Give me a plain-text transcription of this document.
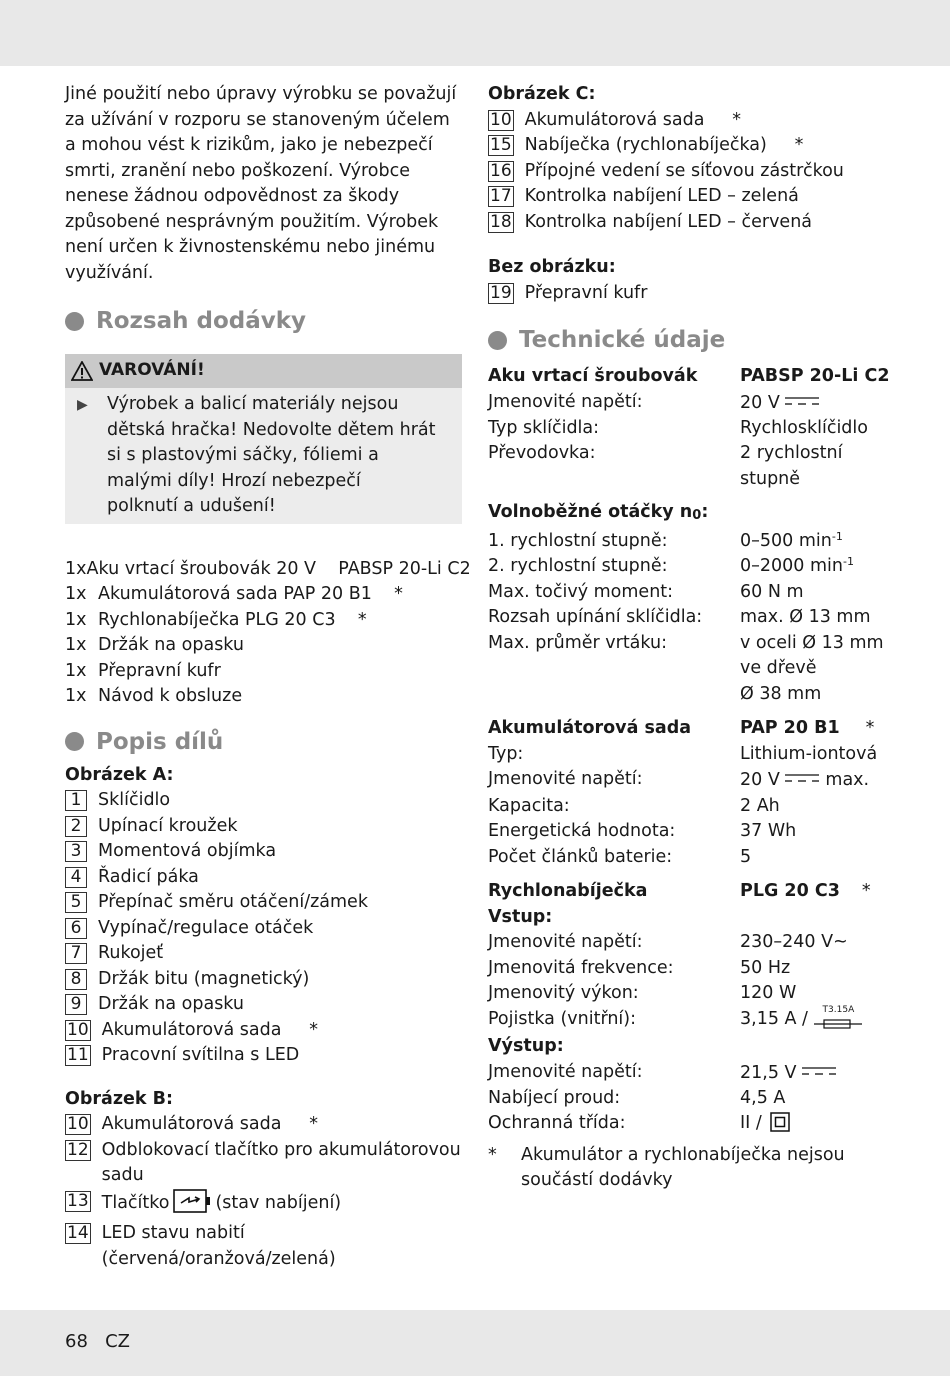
Jiné použití nebo úpravy výrobku se považují za užívání v rozporu se stanoveným účelem a mohou vést k rizikům, jako je nebezpečí smrti, zranění nebo poškození. Výrobce nenese žádnou odpovědnost za škody způsobené nesprávným použitím. Výrobek není určen k živnostenskému nebo jinému využívání.

Rozsah dodávky
VAROVÁNÍ!
▶	Výrobek a balicí materiály nejsou dětská hračka! Nedovolte dětem hrát si s plastovými sáčky, fóliemi a malými díly! Hrozí nebezpečí polknutí a udušení!
1x Aku vrtací šroubovák 20 V    PABSP 20-Li C2
1x Akumulátorová sada PAP 20 B1    *
1x Rychlonabíječka PLG 20 C3    *
1x Držák na opasku
1x Přepravní kufr
1x Návod k obsluze
Popis dílů
Obrázek A:
1 Sklíčidlo
2 Upínací kroužek
3 Momentová objímka
4 Řadicí páka
5 Přepínač směru otáčení/zámek
6 Vypínač/regulace otáček
7 Rukojeť
8 Držák bitu (magnetický)
9 Držák na opasku
10 Akumulátorová sada     *
11 Pracovní svítilna s LED
Obrázek B:
10 Akumulátorová sada     *
12 Odblokovací tlačítko pro akumulátorovou sadu
13 Tlačítko	(stav nabíjení)
14 LED stavu nabití (červená/oranžová/zelená)
Obrázek C:
10 Akumulátorová sada     *
15 Nabíječka (rychlonabíječka)     *
16 Přípojné vedení se síťovou zástrčkou
17 Kontrolka nabíjení LED – zelená
18 Kontrolka nabíjení LED – červená
Bez obrázku:
19 Přepravní kufr
Technické údaje
Aku vrtací šroubovák	PABSP 20-Li C2
Jmenovité napětí:	20 V
Typ sklíčidla:	Rychlosklíčidlo
Převodovka:	2 rychlostní stupně
Volnoběžné otáčky n0:
1. rychlostní stupně:	0–500 $\min^{-1}$
2. rychlostní stupně:	0–2000 $\min^{-1}$
Max. točivý moment:	60 N m
Rozsah upínání sklíčidla:	max. Ø 13 mm
Max. průměr vrtáku:	v oceli Ø 13 mm
ve dřevě
Ø 38 mm
Akumulátorová sada	PAP 20 B1 *
Typ:	Lithium-iontová
Jmenovité napětí:	20 V	max.
Kapacita:	2 Ah
Energetická hodnota:	37 Wh
Počet článků baterie:	5
Rychlonabíječka	PLG 20 C3 *
Vstup:
Jmenovité napětí:	230–240 V~
Jmenovitá frekvence:	50 Hz
Jmenovitý výkon:	120 W
Pojistka (vnitřní):	3,15 A / T3.15A
Výstup:
Jmenovité napětí:	21,5 V
Nabíjecí proud:	4,5 A
Ochranná třída:	II /
*	Akumulátor a rychlonabíječka nejsou součástí dodávky
68 CZ
